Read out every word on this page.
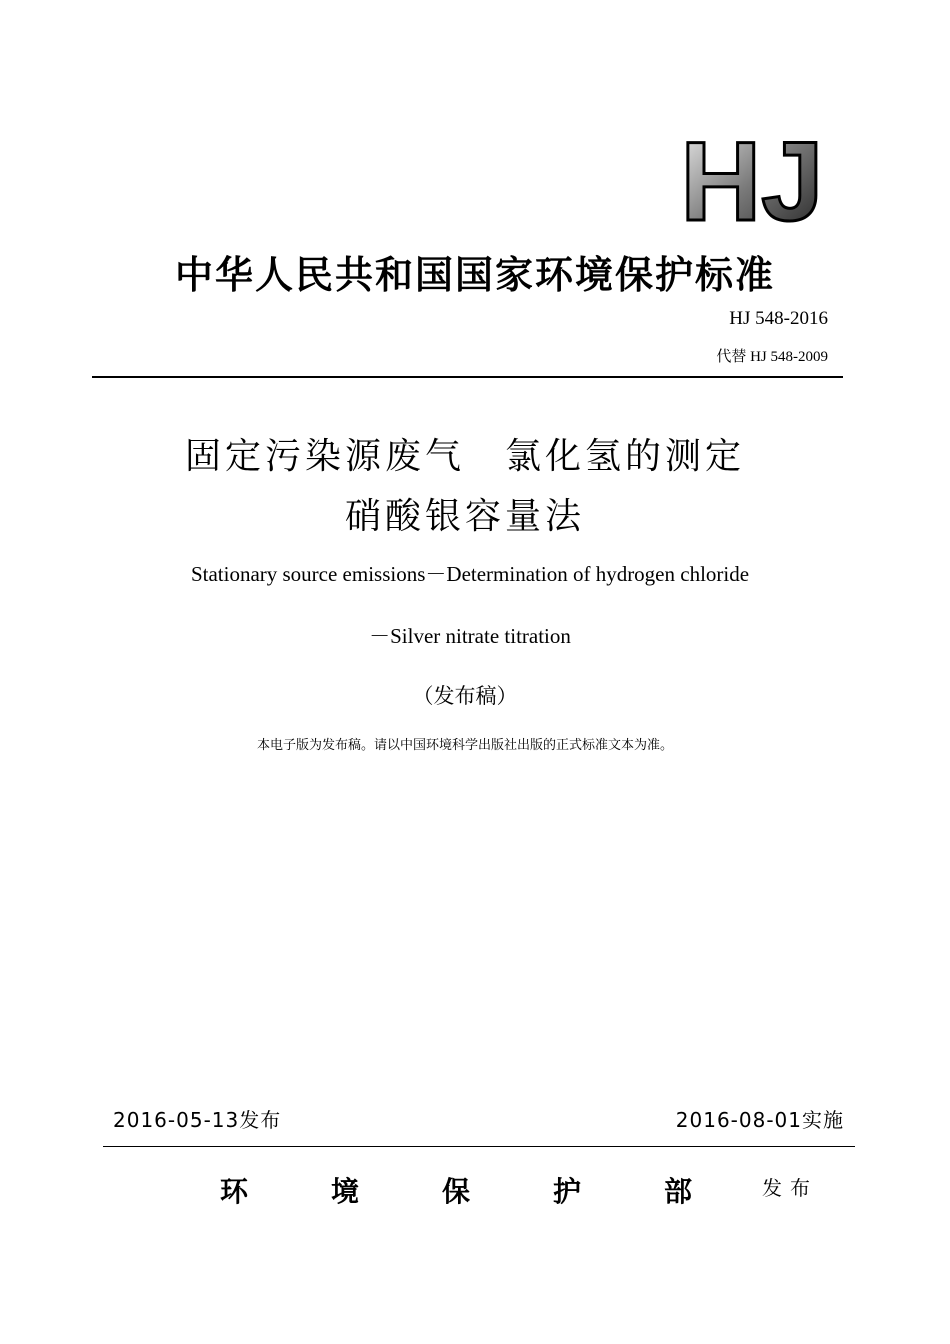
HJ
中华人民共和国国家环境保护标准
HJ 548-2016
代替 HJ 548-2009
固定污染源废气　氯化氢的测定
硝酸银容量法
Stationary source emissions－Determination of hydrogen chloride
－Silver nitrate titration
（发布稿）
本电子版为发布稿。请以中国环境科学出版社出版的正式标准文本为准。
2016-05-13发布	2016-08-01实施
环	境	保	护	部	发布
